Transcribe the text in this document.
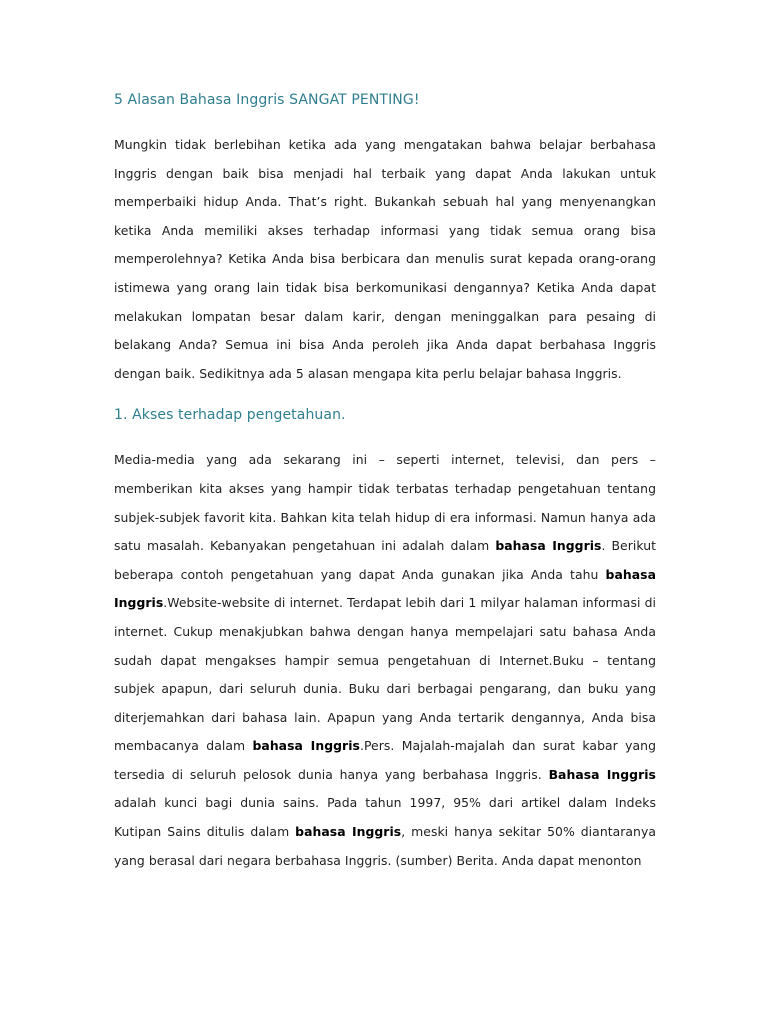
5 Alasan Bahasa Inggris SANGAT PENTING!

Mungkin tidak berlebihan ketika ada yang mengatakan bahwa belajar berbahasa Inggris dengan baik bisa menjadi hal terbaik yang dapat Anda lakukan untuk memperbaiki hidup Anda. That’s right. Bukankah sebuah hal yang menyenangkan ketika Anda memiliki akses terhadap informasi yang tidak semua orang bisa memperolehnya? Ketika Anda bisa berbicara dan menulis surat kepada orang-orang istimewa yang orang lain tidak bisa berkomunikasi dengannya? Ketika Anda dapat melakukan lompatan besar dalam karir, dengan meninggalkan para pesaing di belakang Anda? Semua ini bisa Anda peroleh jika Anda dapat berbahasa Inggris dengan baik. Sedikitnya ada 5 alasan mengapa kita perlu belajar bahasa Inggris.

1. Akses terhadap pengetahuan.

Media-media yang ada sekarang ini – seperti internet, televisi, dan pers – memberikan kita akses yang hampir tidak terbatas terhadap pengetahuan tentang subjek-subjek favorit kita. Bahkan kita telah hidup di era informasi. Namun hanya ada satu masalah. Kebanyakan pengetahuan ini adalah dalam bahasa Inggris. Berikut beberapa contoh pengetahuan yang dapat Anda gunakan jika Anda tahu bahasa Inggris.Website-website di internet. Terdapat lebih dari 1 milyar halaman informasi di internet. Cukup menakjubkan bahwa dengan hanya mempelajari satu bahasa Anda sudah dapat mengakses hampir semua pengetahuan di Internet.Buku – tentang subjek apapun, dari seluruh dunia. Buku dari berbagai pengarang, dan buku yang diterjemahkan dari bahasa lain. Apapun yang Anda tertarik dengannya, Anda bisa membacanya dalam bahasa Inggris.Pers. Majalah-majalah dan surat kabar yang tersedia di seluruh pelosok dunia hanya yang berbahasa Inggris. Bahasa Inggris adalah kunci bagi dunia sains. Pada tahun 1997, 95% dari artikel dalam Indeks Kutipan Sains ditulis dalam bahasa Inggris, meski hanya sekitar 50% diantaranya yang berasal dari negara berbahasa Inggris. (sumber) Berita. Anda dapat menonton
